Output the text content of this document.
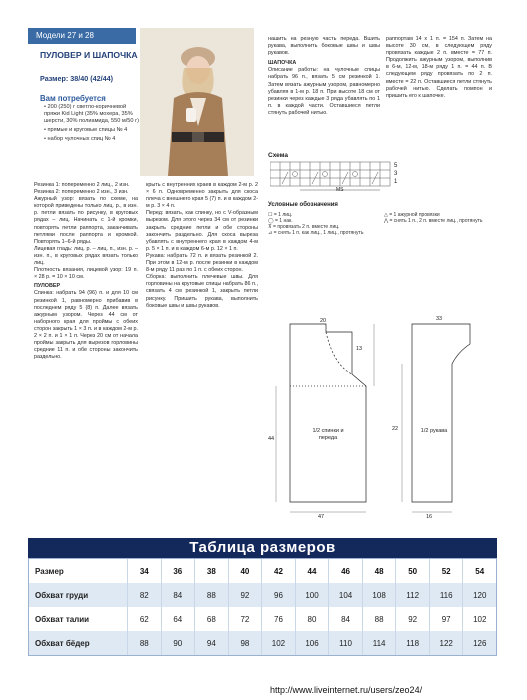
Модели 27 и 28
ПУЛОВЕР И ШАПОЧКА
Размер: 38/40 (42/44)
Вам потребуется
• 200 (250) г светло-коричневой пряжи Kid Light (35% мохера, 35% шерсти, 30% полиамида, 550 м/50 г)
• прямые и круговые спицы № 4
• набор чулочных спиц № 4
Резинка 1: попеременно 2 лиц., 2 изн.
Резинка 2: попеременно 2 изн., 3 изн.
Ажурный узор: вязать по схеме, на которой приведены только лиц. р., в изн. р. петли вязать по рисунку, в круговых рядах – лиц. Начинать с 1-й кромки, повторять петли раппорта, заканчивать петлями после раппорта и кромкой. Повторять 1–6-й ряды.
Лицевая гладь: лиц. р. – лиц. п., изн. р. – изн. п., в круговых рядах вязать только лиц.
Плотность вязания, лицевой узор: 19 п. × 28 р. = 10 × 10 см.
ПУЛОВЕР
Спинка: набрать 94 (96) п. и для 10 см резинкой 1, равномерно прибавив в последнем ряду 5 (8) п. Далее вязать ажурным узором. Через 44 см от наборного края для проймы с обеих сторон закрыть 1 × 3 п. и в каждом 2-м р. 2 × 2 п. и 1 × 1 п. Через 20 см от начала проймы закрыть для вырезов горловины средние 11 п. и обе стороны закончить раздельно.
крыть с внутренних краев в каждом 2-м р. 2 × 6 п. Одновременно закрыть для скоса плеча с внешнего края 5 (7) п. и в каждом 2-м р. 3 × 4 п.
Перед: вязать, как спинку, но с V-образным вырезом. Для этого через 34 см от резинки закрыть средние петли и обе стороны закончить раздельно. Для скоса выреза убавлять с внутреннего края в каждом 4-м р. 5 × 1 п. и в каждом 6-м р. 12 × 1 п.
Рукава: набрать 72 п. и вязать резинкой 2. При этом в 12-м р. после резинки в каждом 8-м ряду 11 раз по 1 п. с обеих сторон.
Сборка: выполнить плечевые швы. Для горловины на круговые спицы набрать 86 п., связать 4 см резинкой 1, закрыть петли рисунку. Пришить рукава, выполнить боковые швы и швы рукавов.
нашить на резную часть переда. Вшить рукава, выполнить боковые швы и швы рукавов.
ШАПОЧКА
Описание работы: на чулочные спицы набрать 96 п., вязать 5 см резинкой 1. Затем вязать ажурным узором, равномерно убавляя в 1-м р. 18 п. При высоте 18 см от резинки через каждые 3 ряда убавлять по 1 п. в каждой части. Оставшиеся петли стянуть рабочей нитью.
раппортам 14 х 1 п. = 154 п. Затем на высоте 30 см, в следующем ряду провязать каждые 2 п. вместе = 77 п. Продолжить ажурным узором, выполнив в 6-м, 12-м, 18-м ряду 1 п. = 44 п. В следующем ряду провязать по 2 п. вместе = 22 п. Оставшиеся петли стянуть рабочей нитью. Сделать помпон и пришить его к шапочке.
Схема
5
3
1
МS
Условные обозначения
☐ = 1 лиц.
◯ = 1 нак.
⊼ = провязать 2 п. вместе лиц.
⊿ = снять 1 п. как лиц., 1 лиц., протянуть
△ = 1 ажурной провязки
⋀ = снять 1 п., 2 п. вместе лиц., протянуть
20
13
44
47
1/2 спинки и переда
33
22
16
1/2 рукава
Таблица размеров
Размер	34	36	38	40	42	44	46	48	50	52	54
Обхват груди	82	84	88	92	96	100	104	108	112	116	120
Обхват талии	62	64	68	72	76	80	84	88	92	97	102
Обхват бёдер	88	90	94	98	102	106	110	114	118	122	126
http://www.liveinternet.ru/users/zeo24/
